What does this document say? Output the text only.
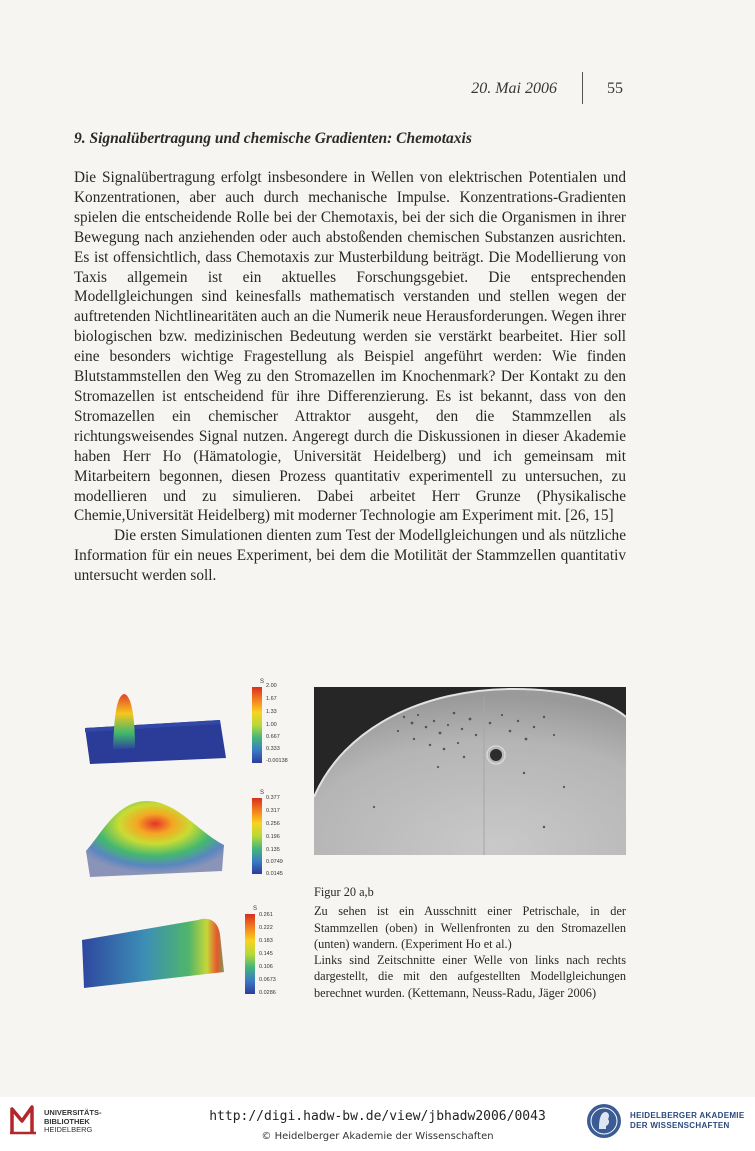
20. Mai 2006	55
9. Signalübertragung und chemische Gradienten: Chemotaxis

Die Signalübertragung erfolgt insbesondere in Wellen von elektrischen Potentialen und Konzentrationen, aber auch durch mechanische Impulse. Konzentrations-Gradienten spielen die entscheidende Rolle bei der Chemotaxis, bei der sich die Organismen in ihrer Bewegung nach anziehenden oder auch abstoßenden chemischen Substanzen ausrichten. Es ist offensichtlich, dass Chemotaxis zur Musterbildung beiträgt. Die Modellierung von Taxis allgemein ist ein aktuelles Forschungsgebiet. Die entsprechenden Modellgleichungen sind keinesfalls mathematisch verstanden und stellen wegen der auftretenden Nichtlinearitäten auch an die Numerik neue Herausforderungen. Wegen ihrer biologischen bzw. medizinischen Bedeutung werden sie verstärkt bearbeitet. Hier soll eine besonders wichtige Fragestellung als Beispiel angeführt werden: Wie finden Blutstammstellen den Weg zu den Stromazellen im Knochenmark? Der Kontakt zu den Stromazellen ist entscheidend für ihre Differenzierung. Es ist bekannt, dass von den Stromazellen ein chemischer Attraktor ausgeht, den die Stammzellen als richtungsweisendes Signal nutzen. Angeregt durch die Diskussionen in dieser Akademie haben Herr Ho (Hämatologie, Universität Heidelberg) und ich gemeinsam mit Mitarbeitern begonnen, diesen Prozess quantitativ experimentell zu untersuchen, zu modellieren und zu simulieren. Dabei arbeitet Herr Grunze (Physikalische Chemie,Universität Heidelberg) mit moderner Technologie am Experiment mit. [26, 15]

Die ersten Simulationen dienten zum Test der Modellgleichungen und als nützliche Information für ein neues Experiment, bei dem die Motilität der Stammzellen quantitativ untersucht werden soll.

S
2.00
1.67
1.33
1.00
0.667
0.333
-0.00138
S
0.377
0.317
0.256
0.196
0.135
0.0749
0.0145
S
0.261
0.222
0.183
0.145
0.106
0.0673
0.0286
Figur 20 a,b

Zu sehen ist ein Ausschnitt einer Petrischale, in der Stammzellen (oben) in Wellenfronten zu den Stromazellen (unten) wandern. (Experiment Ho et al.)

Links sind Zeitschnitte einer Welle von links nach rechts dargestellt, die mit den aufgestellten Modellgleichungen berechnet wurden. (Kettemann, Neuss-Radu, Jäger 2006)

UNIVERSITÄTS-
BIBLIOTHEK
HEIDELBERG
http://digi.hadw-bw.de/view/jbhadw2006/0043
© Heidelberger Akademie der Wissenschaften
HEIDELBERGER AKADEMIE
DER WISSENSCHAFTEN
